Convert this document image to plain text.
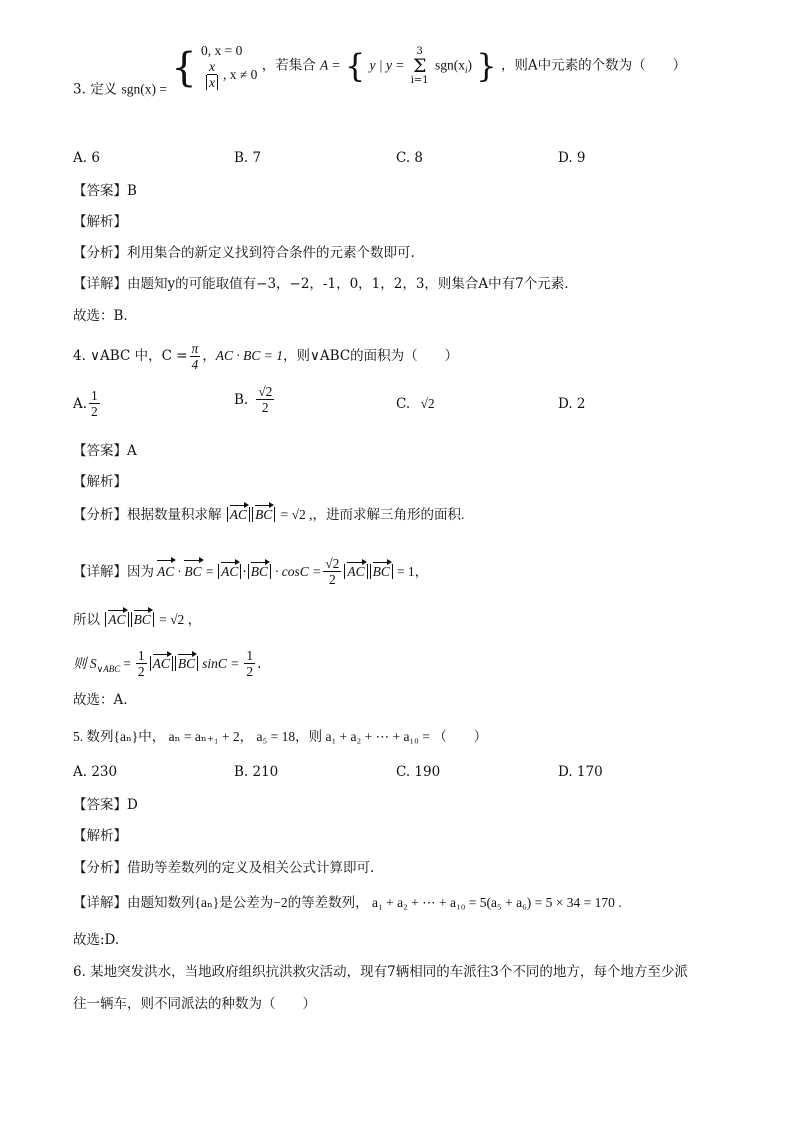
3. 定义 sgn(x) = { 0, x = 0
$\frac{x}{x}$ , x ≠ 0
，若集合 A = { y | y =
3
Σ
i=1
$sgn(x_i)$ } ，则A中元素的个数为（　　）
A. 6	B. 7	C. 8	D. 9
【答案】B
【解析】
【分析】利用集合的新定义找到符合条件的元素个数即可.
【详解】由题知y的可能取值有−3，−2，-1，0，1，2，3，则集合A中有7个元素.
故选：B.
4. ∨ABC 中，$C = \frac{\pi}{4}$ ， AC · BC = 1 ，则∨ABC的面积为（　　）
A. $\frac{1}{2}$	B. $\frac{√2}{2}$	C. √2	D. 2
【答案】A
【解析】
【分析】根据数量积求解 AC BC = √2 ,，进而求解三角形的面积.
【详解】因为 AC · BC = AC · BC · $\cos C = \frac{√2}{2}$ AC BC = 1，
所以 AC BC = √2 ，
则 $S_{\vee ABC} = \frac{1}{2}$ AC BC $\sin C = \frac{1}{2}$ .
故选：A.
5. 数列{aₙ}中， aₙ = aₙ₊₁ + 2， a₅ = 18，则 a₁ + a₂ + ⋯ + a₁₀ = （　　）
A. 230	B. 210	C. 190	D. 170
【答案】D
【解析】
【分析】借助等差数列的定义及相关公式计算即可.
【详解】由题知数列{aₙ}是公差为−2的等差数列， a₁ + a₂ + ⋯ + a₁₀ = 5(a₅ + a₆) = 5 × 34 = 170 .
故选:D.
6. 某地突发洪水，当地政府组织抗洪救灾活动，现有7辆相同的车派往3个不同的地方，每个地方至少派
往一辆车，则不同派法的种数为（　　）
